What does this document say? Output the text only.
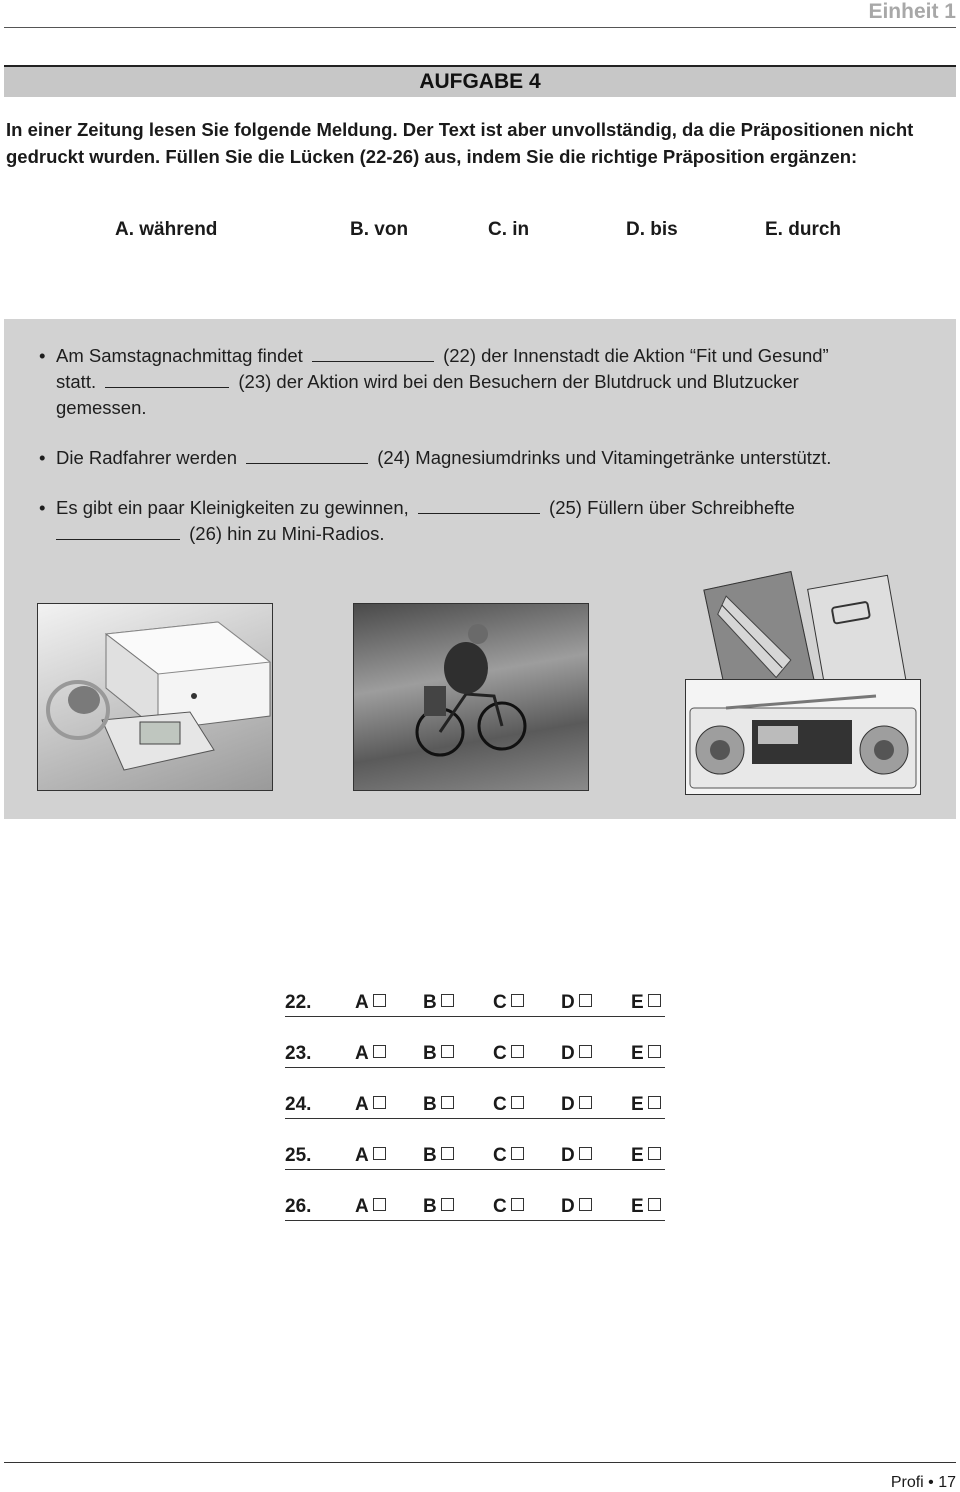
Einheit 1
AUFGABE 4

In einer Zeitung lesen Sie folgende Meldung. Der Text ist aber unvollständig, da die Präpositionen nicht gedruckt wurden. Füllen Sie die Lücken (22-26) aus, indem Sie die richtige Präposition ergänzen:

A. während	B. von	C. in	D. bis	E. durch
• Am Samstagnachmittag findet	(22) der Innenstadt die Aktion “Fit und Gesund”
statt.	(23) der Aktion wird bei den Besuchern der Blutdruck und Blutzucker
gemessen.
• Die Radfahrer werden	(24) Magnesiumdrinks und Vitamingetränke unterstützt.
• Es gibt ein paar Kleinigkeiten zu gewinnen,	(25) Füllern über Schreibhefte
(26) hin zu Mini-Radios.
22. A	B	C	D	E
23. A	B	C	D	E
24. A	B	C	D	E
25. A	B	C	D	E
26. A	B	C	D	E
Profi • 17
